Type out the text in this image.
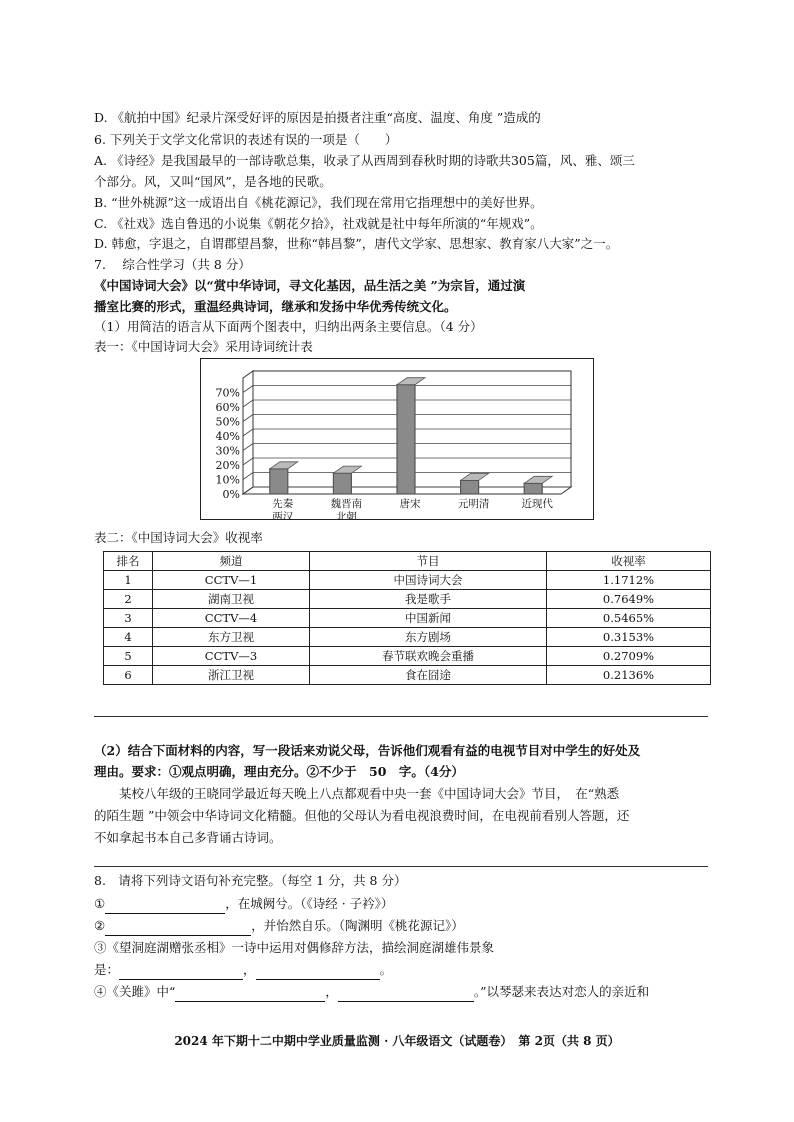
D. 《航拍中国》纪录片深受好评的原因是拍摄者注重“高度、温度、角度 ”造成的
6. 下列关于文学文化常识的表述有误的一项是（　　）
A. 《诗经》是我国最早的一部诗歌总集，收录了从西周到春秋时期的诗歌共305篇，风、雅、颂三
个部分。风，又叫“国风”，是各地的民歌。
B. “世外桃源”这一成语出自《桃花源记》，我们现在常用它指理想中的美好世界。
C. 《社戏》选自鲁迅的小说集《朝花夕拾》，社戏就是社中每年所演的“年规戏”。
D. 韩愈，字退之，自谓郡望昌黎，世称“韩昌黎”，唐代文学家、思想家、教育家八大家”之一。
7.　 综合性学习（共 8 分）
《中国诗词大会》以“赏中华诗词，寻文化基因，品生活之美 ”为宗旨，通过演
播室比赛的形式，重温经典诗词，继承和发扬中华优秀传统文化。
（1）用简洁的语言从下面两个图表中，归纳出两条主要信息。（4 分）
表一：《中国诗词大会》采用诗词统计表
0%
10%
20%
30%
40%
50%
60%
70%
先秦
两汉
魏晋南
北朝
唐宋	元明清	近现代
表二：《中国诗词大会》收视率
排名	频道	节目	收视率
1	CCTV—1	中国诗词大会	1.1712%
2	湖南卫视	我是歌手	0.7649%
3	CCTV—4	中国新闻	0.5465%
4	东方卫视	东方剧场	0.3153%
5	CCTV—3	春节联欢晚会重播	0.2709%
6	浙江卫视	食在囧途	0.2136%
（2）结合下面材料的内容，写一段话来劝说父母，告诉他们观看有益的电视节目对中学生的好处及
理由。要求：①观点明确，理由充分。②不少于　50　字。（4分）
　　某校八年级的王晓同学最近每天晚上八点都观看中央一套《中国诗词大会》节目，　在“熟悉
的陌生题 ”中领会中华诗词文化精髓。但他的父母认为看电视浪费时间，在电视前看别人答题，还
不如拿起书本自己多背诵古诗词。
8.　请将下列诗文语句补充完整。（每空 1 分，共 8 分）
①	，在城阙兮。（《诗经 · 子衿》）
②	，并怡然自乐。（陶渊明《桃花源记》）
③《望洞庭湖赠张丞相》一诗中运用对偶修辞方法，描绘洞庭湖雄伟景象
是：	，	。
④《关雎》中“	，	。”以琴瑟来表达对恋人的亲近和
2024 年下期十二中期中学业质量监测 · 八年级语文（试题卷）　第 2页（共 8 页）
